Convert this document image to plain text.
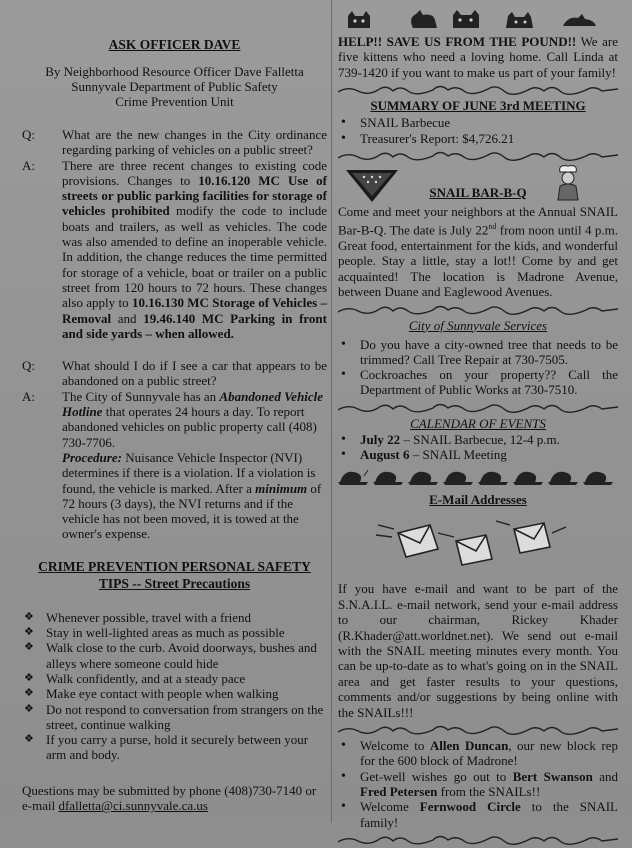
ASK OFFICER DAVE
By Neighborhood Resource Officer Dave Falletta
Sunnyvale Department of Public Safety
Crime Prevention Unit
Q: What are the new changes in the City ordinance regarding parking of vehicles on a public street?
A: There are three recent changes to existing code provisions. Changes to 10.16.120 MC Use of streets or public parking facilities for storage of vehicles prohibited modify the code to include boats and trailers, as well as vehicles. The code was also amended to define an inoperable vehicle. In addition, the change reduces the time permitted for storage of a vehicle, boat or trailer on a public street from 120 hours to 72 hours. These changes also apply to 10.16.130 MC Storage of Vehicles – Removal and 19.46.140 MC Parking in front and side yards – when allowed.
Q: What should I do if I see a car that appears to be abandoned on a public street?
A: The City of Sunnyvale has an Abandoned Vehicle Hotline that operates 24 hours a day. To report abandoned vehicles on public property call (408) 730-7706.
Procedure: Nuisance Vehicle Inspector (NVI) determines if there is a violation. If a violation is found, the vehicle is marked. After a minimum of 72 hours (3 days), the NVI returns and if the vehicle has not been moved, it is towed at the owner's expense.
CRIME PREVENTION PERSONAL SAFETY
TIPS -- Street Precautions
❖ Whenever possible, travel with a friend
❖ Stay in well-lighted areas as much as possible
❖ Walk close to the curb. Avoid doorways, bushes and alleys where someone could hide
❖ Walk confidently, and at a steady pace
❖ Make eye contact with people when walking
❖ Do not respond to conversation from strangers on the street, continue walking
❖ If you carry a purse, hold it securely between your arm and body.

Questions may be submitted by phone (408)730-7140 or e-mail dfalletta@ci.sunnyvale.ca.us

HELP!! SAVE US FROM THE POUND!! We are five kittens who need a loving home. Call Linda at 739-1420 if you want to make us part of your family!

SUMMARY OF JUNE 3rd MEETING
• SNAIL Barbecue
• Treasurer's Report: $4,726.21
SNAIL BAR-B-Q

Come and meet your neighbors at the Annual SNAIL Bar-B-Q. The date is July 22nd from noon until 4 p.m. Great food, entertainment for the kids, and wonderful people. Stay a little, stay a lot!! Come by and get acquainted! The location is Madrone Avenue, between Duane and Eaglewood Avenues.

City of Sunnyvale Services
• Do you have a city-owned tree that needs to be trimmed? Call Tree Repair at 730-7505.
• Cockroaches on your property?? Call the Department of Public Works at 730-7510.
CALENDAR OF EVENTS
• July 22 – SNAIL Barbecue, 12-4 p.m.
• August 6 – SNAIL Meeting
E-Mail Addresses

If you have e-mail and want to be part of the S.N.A.I.L. e-mail network, send your e-mail address to our chairman, Rickey Khader (R.Khader@att.worldnet.net). We send out e-mail with the SNAIL meeting minutes every month. You can be up-to-date as to what's going on in the SNAIL area and get faster results to your questions, comments and/or suggestions by being online with the SNAILs!!!

• Welcome to Allen Duncan, our new block rep for the 600 block of Madrone!
• Get-well wishes go out to Bert Swanson and Fred Petersen from the SNAILs!!
• Welcome Fernwood Circle to the SNAIL family!
